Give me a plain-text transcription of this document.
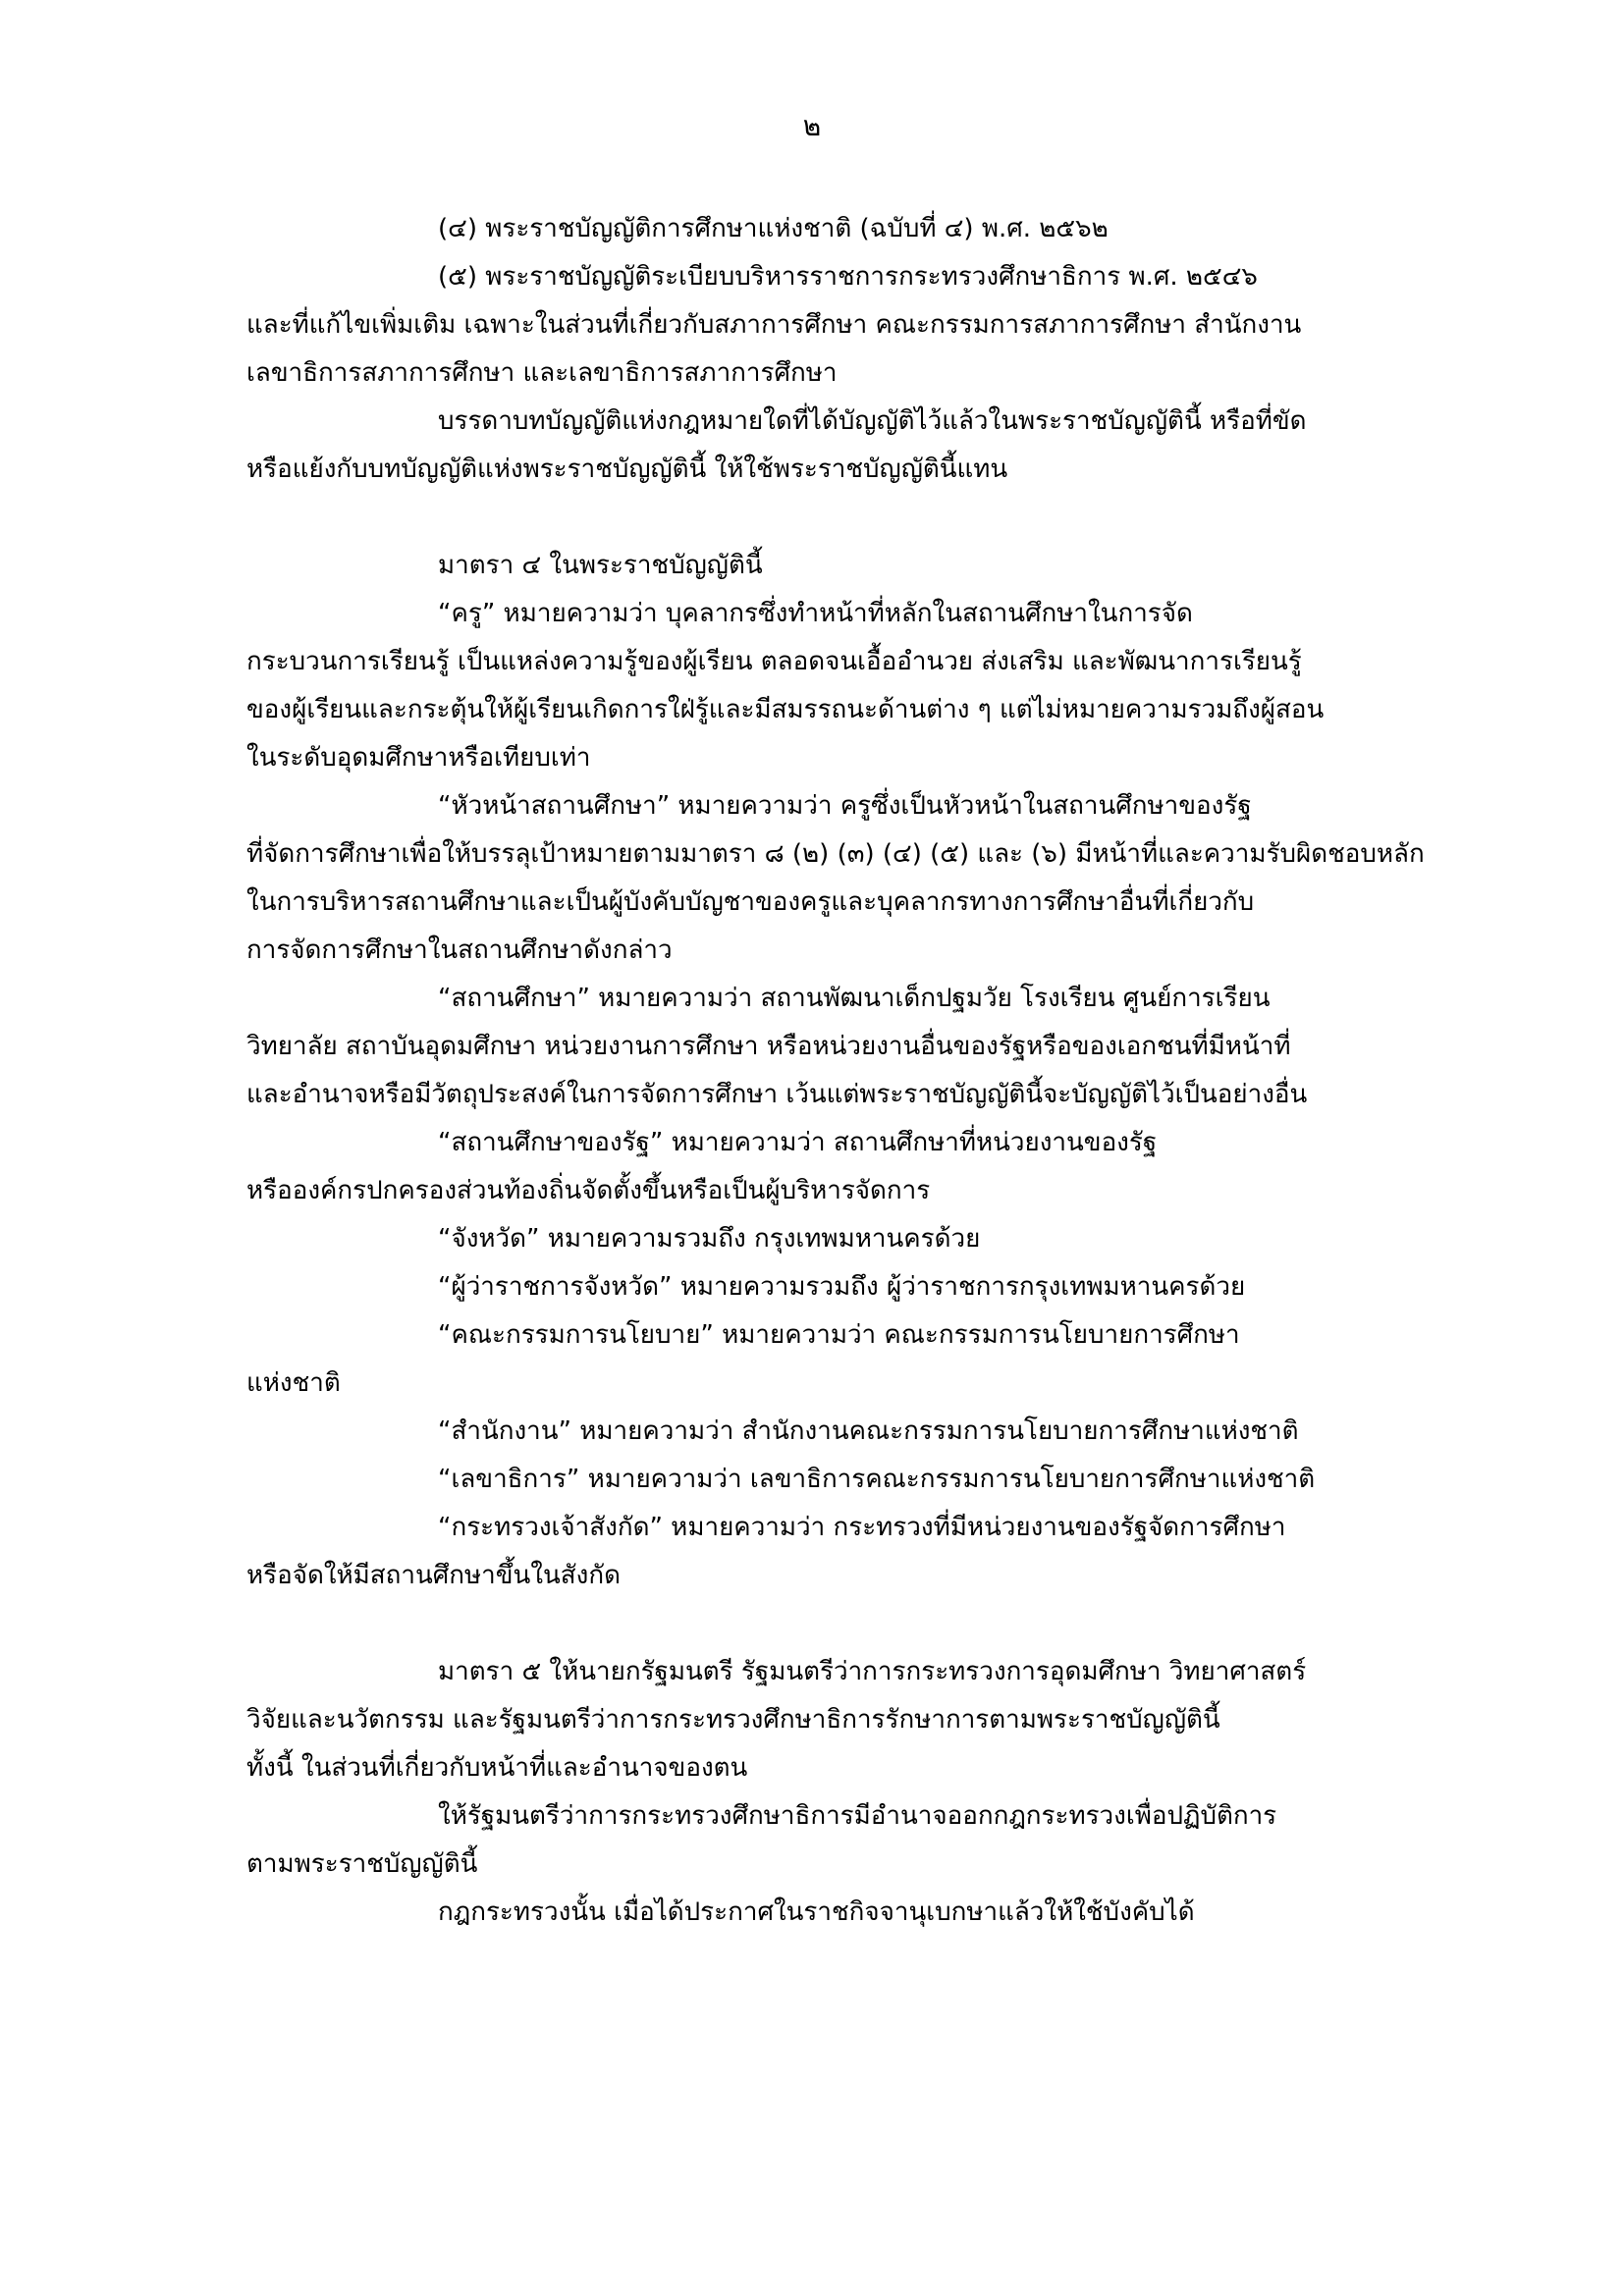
๒
(๔) พระราชบัญญัติการศึกษาแห่งชาติ (ฉบับที่ ๔) พ.ศ. ๒๕๖๒
(๕) พระราชบัญญัติระเบียบบริหารราชการกระทรวงศึกษาธิการ พ.ศ. ๒๕๔๖
และที่แก้ไขเพิ่มเติม เฉพาะในส่วนที่เกี่ยวกับสภาการศึกษา คณะกรรมการสภาการศึกษา สำนักงาน
เลขาธิการสภาการศึกษา และเลขาธิการสภาการศึกษา
บรรดาบทบัญญัติแห่งกฎหมายใดที่ได้บัญญัติไว้แล้วในพระราชบัญญัตินี้ หรือที่ขัด
หรือแย้งกับบทบัญญัติแห่งพระราชบัญญัตินี้ ให้ใช้พระราชบัญญัตินี้แทน
มาตรา ๔ ในพระราชบัญญัตินี้
“ครู” หมายความว่า บุคลากรซึ่งทำหน้าที่หลักในสถานศึกษาในการจัด
กระบวนการเรียนรู้ เป็นแหล่งความรู้ของผู้เรียน ตลอดจนเอื้ออำนวย ส่งเสริม และพัฒนาการเรียนรู้
ของผู้เรียนและกระตุ้นให้ผู้เรียนเกิดการใฝ่รู้และมีสมรรถนะด้านต่าง ๆ แต่ไม่หมายความรวมถึงผู้สอน
ในระดับอุดมศึกษาหรือเทียบเท่า
“หัวหน้าสถานศึกษา” หมายความว่า ครูซึ่งเป็นหัวหน้าในสถานศึกษาของรัฐ
ที่จัดการศึกษาเพื่อให้บรรลุเป้าหมายตามมาตรา ๘ (๒) (๓) (๔) (๕) และ (๖) มีหน้าที่และความรับผิดชอบหลัก
ในการบริหารสถานศึกษาและเป็นผู้บังคับบัญชาของครูและบุคลากรทางการศึกษาอื่นที่เกี่ยวกับ
การจัดการศึกษาในสถานศึกษาดังกล่าว
“สถานศึกษา” หมายความว่า สถานพัฒนาเด็กปฐมวัย โรงเรียน ศูนย์การเรียน
วิทยาลัย สถาบันอุดมศึกษา หน่วยงานการศึกษา หรือหน่วยงานอื่นของรัฐหรือของเอกชนที่มีหน้าที่
และอำนาจหรือมีวัตถุประสงค์ในการจัดการศึกษา เว้นแต่พระราชบัญญัตินี้จะบัญญัติไว้เป็นอย่างอื่น
“สถานศึกษาของรัฐ” หมายความว่า สถานศึกษาที่หน่วยงานของรัฐ
หรือองค์กรปกครองส่วนท้องถิ่นจัดตั้งขึ้นหรือเป็นผู้บริหารจัดการ
“จังหวัด” หมายความรวมถึง กรุงเทพมหานครด้วย
“ผู้ว่าราชการจังหวัด” หมายความรวมถึง ผู้ว่าราชการกรุงเทพมหานครด้วย
“คณะกรรมการนโยบาย” หมายความว่า คณะกรรมการนโยบายการศึกษา
แห่งชาติ
“สำนักงาน” หมายความว่า สำนักงานคณะกรรมการนโยบายการศึกษาแห่งชาติ
“เลขาธิการ” หมายความว่า เลขาธิการคณะกรรมการนโยบายการศึกษาแห่งชาติ
“กระทรวงเจ้าสังกัด” หมายความว่า กระทรวงที่มีหน่วยงานของรัฐจัดการศึกษา
หรือจัดให้มีสถานศึกษาขึ้นในสังกัด
มาตรา ๕ ให้นายกรัฐมนตรี รัฐมนตรีว่าการกระทรวงการอุดมศึกษา วิทยาศาสตร์
วิจัยและนวัตกรรม และรัฐมนตรีว่าการกระทรวงศึกษาธิการรักษาการตามพระราชบัญญัตินี้
ทั้งนี้ ในส่วนที่เกี่ยวกับหน้าที่และอำนาจของตน
ให้รัฐมนตรีว่าการกระทรวงศึกษาธิการมีอำนาจออกกฎกระทรวงเพื่อปฏิบัติการ
ตามพระราชบัญญัตินี้
กฎกระทรวงนั้น เมื่อได้ประกาศในราชกิจจานุเบกษาแล้วให้ใช้บังคับได้
